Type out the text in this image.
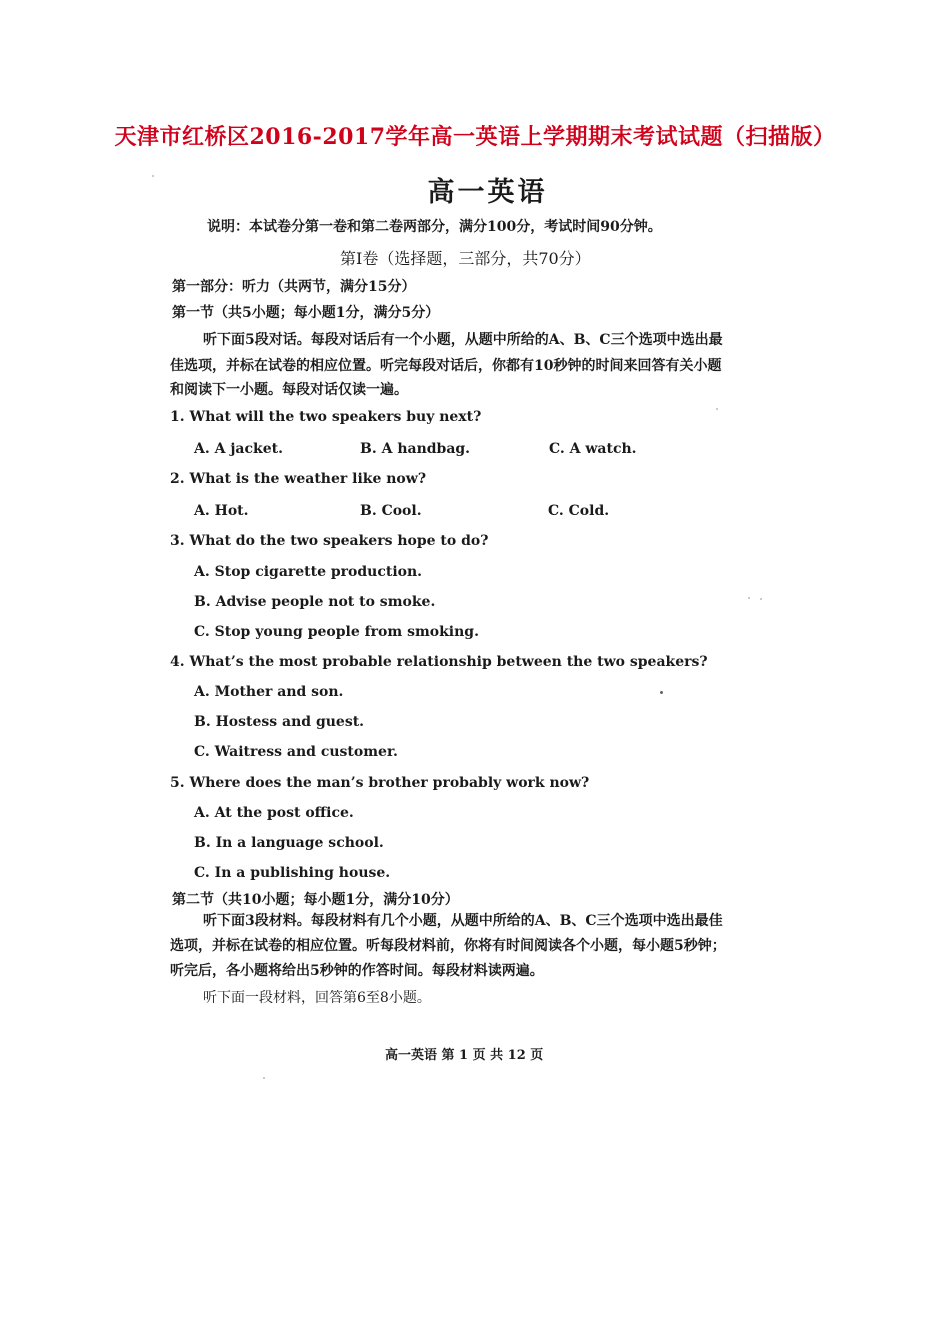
天津市红桥区2016-2017学年高一英语上学期期末考试试题（扫描版）
高一英语
说明：本试卷分第一卷和第二卷两部分，满分100分，考试时间90分钟。
第I卷（选择题，三部分，共70分）
第一部分：听力（共两节，满分15分）
第一节（共5小题；每小题1分，满分5分）
听下面5段对话。每段对话后有一个小题，从题中所给的A、B、C三个选项中选出最
佳选项，并标在试卷的相应位置。听完每段对话后，你都有10秒钟的时间来回答有关小题
和阅读下一小题。每段对话仅读一遍。
1. What will the two speakers buy next?
A. A jacket.	B. A handbag.	C. A watch.
2. What is the weather like now?
A. Hot.	B. Cool.	C. Cold.
3. What do the two speakers hope to do?
A. Stop cigarette production.
B. Advise people not to smoke.
C. Stop young people from smoking.
4. What’s the most probable relationship between the two speakers?
A. Mother and son.
B. Hostess and guest.
C. Waitress and customer.
5. Where does the man’s brother probably work now?
A. At the post office.
B. In a language school.
C. In a publishing house.
第二节（共10小题；每小题1分，满分10分）
听下面3段材料。每段材料有几个小题，从题中所给的A、B、C三个选项中选出最佳
选项，并标在试卷的相应位置。听每段材料前，你将有时间阅读各个小题，每小题5秒钟；
听完后，各小题将给出5秒钟的作答时间。每段材料读两遍。
听下面一段材料，回答第6至8小题。
高一英语 第 1 页 共 12 页
